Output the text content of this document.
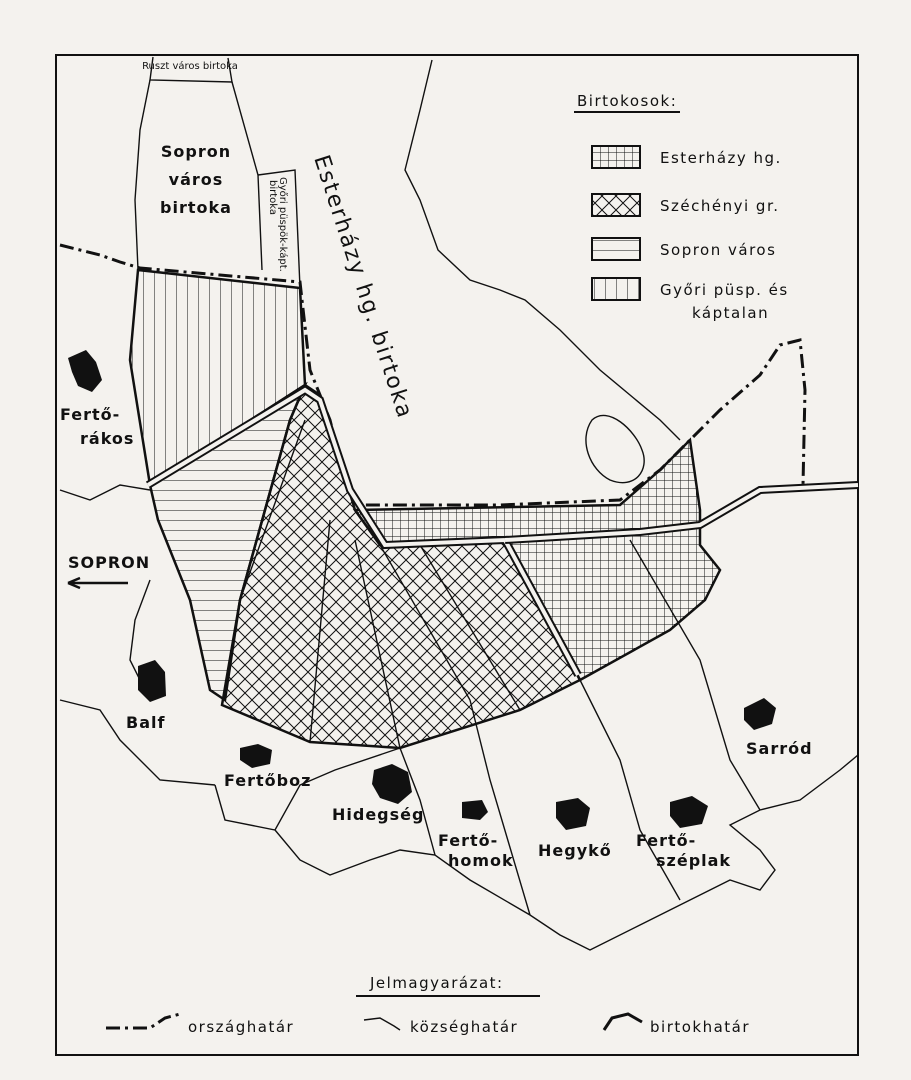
Ruszt város birtoka
Sopron
város
birtoka	Győri püspök-kápt.
birtoka Esterházy hg. birtoka
SOPRON
Fertő-
rákos
Balf
Fertőboz
Hidegség
Fertő-
homok
Hegykő
Fertő-
széplak
Sarród
Birtokosok:
Esterházy hg.
Széchényi gr.
Sopron város
Győri püsp. és
káptalan
Jelmagyarázat:
országhatár	községhatár	birtokhatár
